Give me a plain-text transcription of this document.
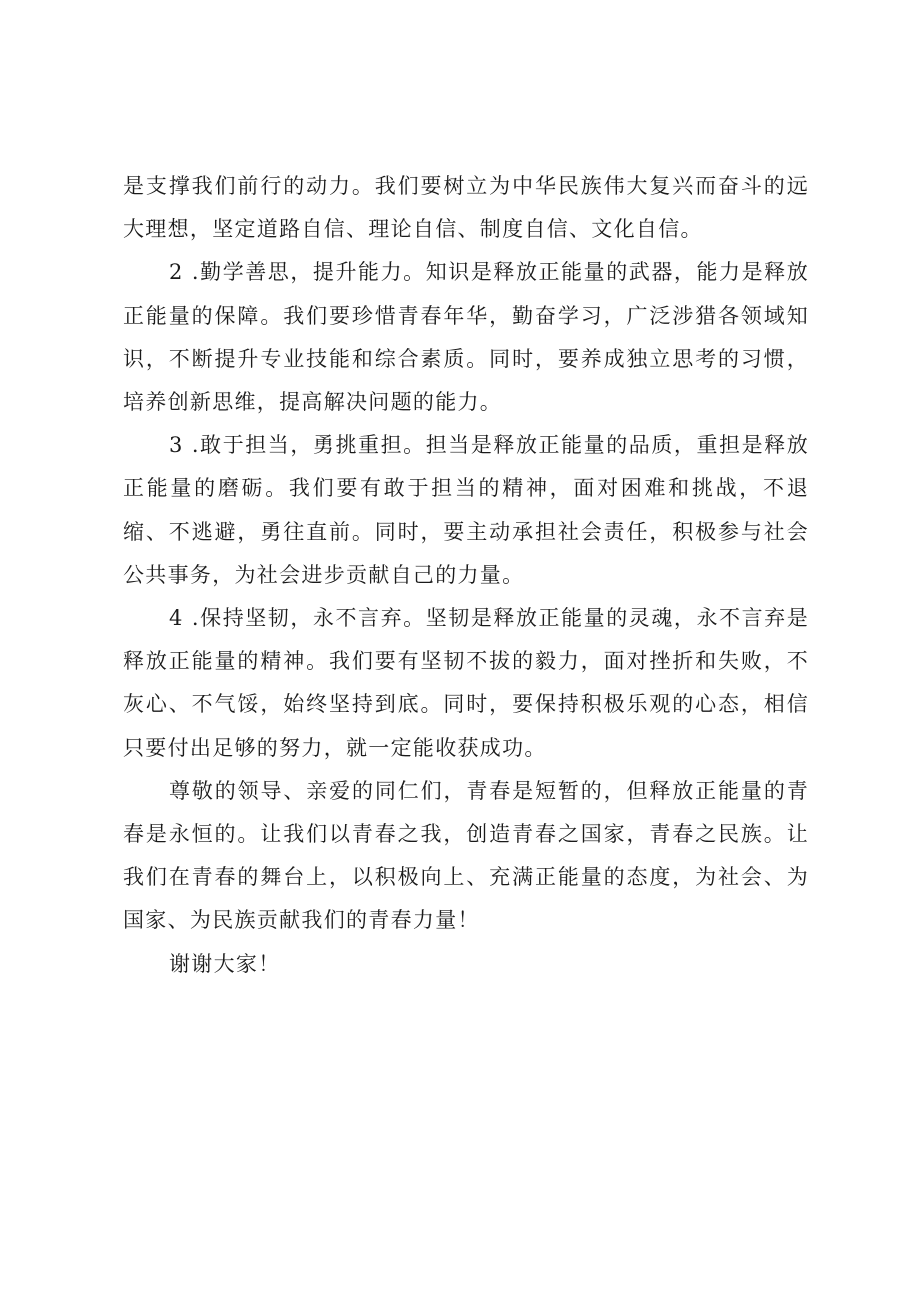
是支撑我们前行的动力。我们要树立为中华民族伟大复兴而奋斗的远大理想，坚定道路自信、理论自信、制度自信、文化自信。

2 .勤学善思，提升能力。知识是释放正能量的武器，能力是释放正能量的保障。我们要珍惜青春年华，勤奋学习，广泛涉猎各领域知识，不断提升专业技能和综合素质。同时，要养成独立思考的习惯，培养创新思维，提高解决问题的能力。

3 .敢于担当，勇挑重担。担当是释放正能量的品质，重担是释放正能量的磨砺。我们要有敢于担当的精神，面对困难和挑战，不退缩、不逃避，勇往直前。同时，要主动承担社会责任，积极参与社会公共事务，为社会进步贡献自己的力量。

4 .保持坚韧，永不言弃。坚韧是释放正能量的灵魂，永不言弃是释放正能量的精神。我们要有坚韧不拔的毅力，面对挫折和失败，不灰心、不气馁，始终坚持到底。同时，要保持积极乐观的心态，相信只要付出足够的努力，就一定能收获成功。

尊敬的领导、亲爱的同仁们，青春是短暂的，但释放正能量的青春是永恒的。让我们以青春之我，创造青春之国家，青春之民族。让我们在青春的舞台上，以积极向上、充满正能量的态度，为社会、为国家、为民族贡献我们的青春力量！

谢谢大家！
